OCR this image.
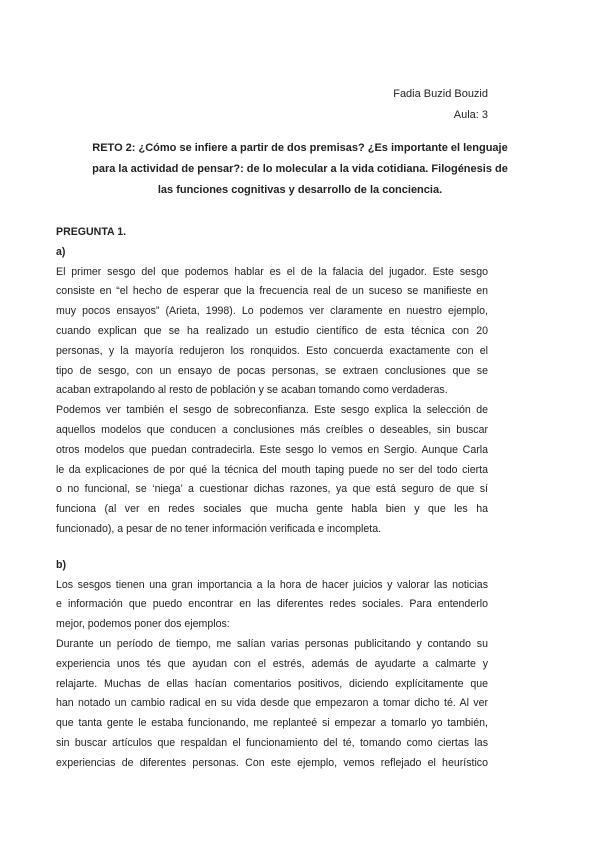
Fadia Buzid Bouzid
Aula: 3
RETO 2: ¿Cómo se infiere a partir de dos premisas? ¿Es importante el lenguaje
para la actividad de pensar?: de lo molecular a la vida cotidiana. Filogénesis de
las funciones cognitivas y desarrollo de la conciencia.
PREGUNTA 1.
a)
El primer sesgo del que podemos hablar es el de la falacia del jugador. Este sesgo
consiste en “el hecho de esperar que la frecuencia real de un suceso se manifieste en
muy pocos ensayos” (Arieta, 1998). Lo podemos ver claramente en nuestro ejemplo,
cuando explican que se ha realizado un estudio científico de esta técnica con 20
personas, y la mayoría redujeron los ronquidos. Esto concuerda exactamente con el
tipo de sesgo, con un ensayo de pocas personas, se extraen conclusiones que se
acaban extrapolando al resto de población y se acaban tomando como verdaderas.
Podemos ver también el sesgo de sobreconfianza. Este sesgo explica la selección de
aquellos modelos que conducen a conclusiones más creíbles o deseables, sin buscar
otros modelos que puedan contradecirla. Este sesgo lo vemos en Sergio. Aunque Carla
le da explicaciones de por qué la técnica del mouth taping puede no ser del todo cierta
o no funcional, se ‘niega’ a cuestionar dichas razones, ya que está seguro de que sí
funciona (al ver en redes sociales que mucha gente habla bien y que les ha
funcionado), a pesar de no tener información verificada e incompleta.
b)
Los sesgos tienen una gran importancia a la hora de hacer juicios y valorar las noticias
e información que puedo encontrar en las diferentes redes sociales. Para entenderlo
mejor, podemos poner dos ejemplos:
Durante un período de tiempo, me salían varias personas publicitando y contando su
experiencia unos tés que ayudan con el estrés, además de ayudarte a calmarte y
relajarte. Muchas de ellas hacían comentarios positivos, diciendo explícitamente que
han notado un cambio radical en su vida desde que empezaron a tomar dicho té. Al ver
que tanta gente le estaba funcionando, me replanteé si empezar a tomarlo yo también,
sin buscar artículos que respaldan el funcionamiento del té, tomando como ciertas las
experiencias de diferentes personas. Con este ejemplo, vemos reflejado el heurístico
